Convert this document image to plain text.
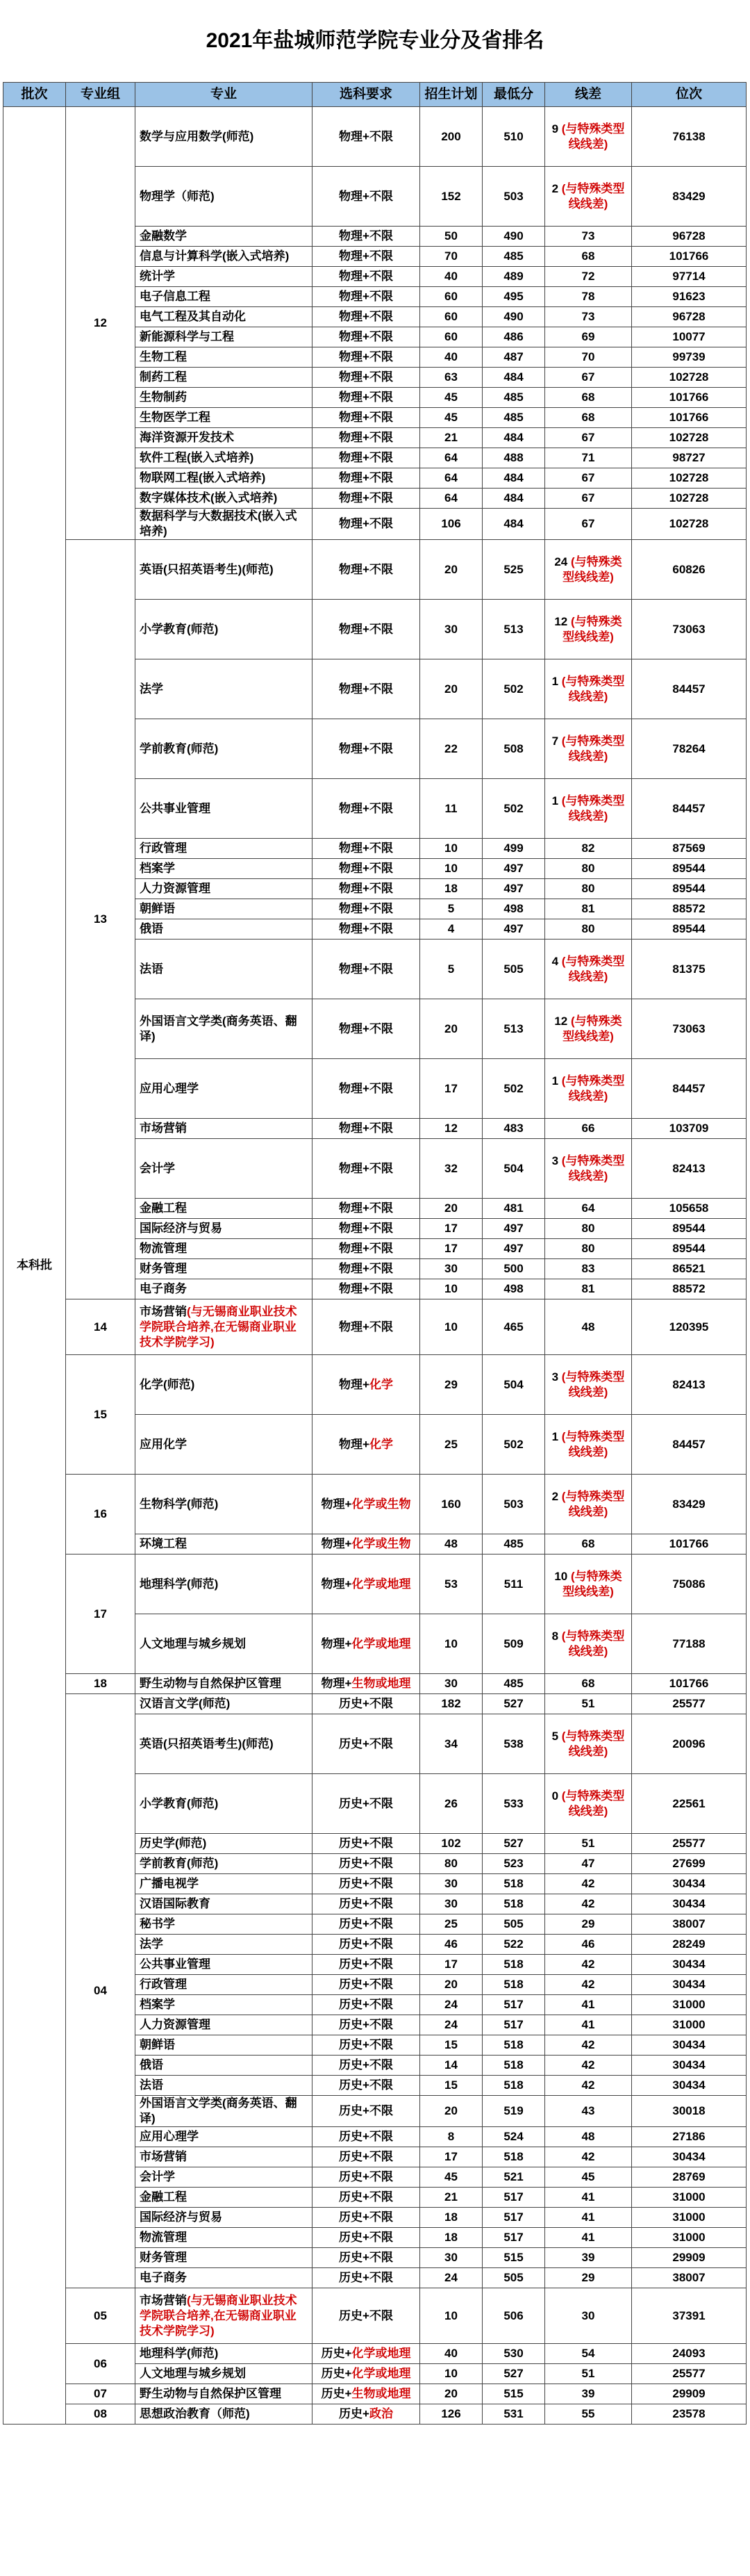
2021年盐城师范学院专业分及省排名
批次	专业组	专业	选科要求	招生计划	最低分	线差	位次
本科批	12	数学与应用数学(师范)	物理+不限	200	510	9 (与特殊类型线线差)	76138
		物理学（师范)	物理+不限	152	503	2 (与特殊类型线线差)	83429
		金融数学	物理+不限	50	490	73	96728
		信息与计算科学(嵌入式培养)	物理+不限	70	485	68	101766
		统计学	物理+不限	40	489	72	97714
		电子信息工程	物理+不限	60	495	78	91623
		电气工程及其自动化	物理+不限	60	490	73	96728
		新能源科学与工程	物理+不限	60	486	69	10077
		生物工程	物理+不限	40	487	70	99739
		制药工程	物理+不限	63	484	67	102728
		生物制药	物理+不限	45	485	68	101766
		生物医学工程	物理+不限	45	485	68	101766
		海洋资源开发技术	物理+不限	21	484	67	102728
		软件工程(嵌入式培养)	物理+不限	64	488	71	98727
		物联网工程(嵌入式培养)	物理+不限	64	484	67	102728
		数字媒体技术(嵌入式培养)	物理+不限	64	484	67	102728
		数据科学与大数据技术(嵌入式培养)	物理+不限	106	484	67	102728
	13	英语(只招英语考生)(师范)	物理+不限	20	525	24 (与特殊类型线线差)	60826
		小学教育(师范)	物理+不限	30	513	12 (与特殊类型线线差)	73063
		法学	物理+不限	20	502	1 (与特殊类型线线差)	84457
		学前教育(师范)	物理+不限	22	508	7 (与特殊类型线线差)	78264
		公共事业管理	物理+不限	11	502	1 (与特殊类型线线差)	84457
		行政管理	物理+不限	10	499	82	87569
		档案学	物理+不限	10	497	80	89544
		人力资源管理	物理+不限	18	497	80	89544
		朝鲜语	物理+不限	5	498	81	88572
		俄语	物理+不限	4	497	80	89544
		法语	物理+不限	5	505	4 (与特殊类型线线差)	81375
		外国语言文学类(商务英语、翻译)	物理+不限	20	513	12 (与特殊类型线线差)	73063
		应用心理学	物理+不限	17	502	1 (与特殊类型线线差)	84457
		市场营销	物理+不限	12	483	66	103709
		会计学	物理+不限	32	504	3 (与特殊类型线线差)	82413
		金融工程	物理+不限	20	481	64	105658
		国际经济与贸易	物理+不限	17	497	80	89544
		物流管理	物理+不限	17	497	80	89544
		财务管理	物理+不限	30	500	83	86521
		电子商务	物理+不限	10	498	81	88572
	14	市场营销(与无锡商业职业技术学院联合培养,在无锡商业职业技术学院学习)	物理+不限	10	465	48	120395
	15	化学(师范)	物理+化学	29	504	3 (与特殊类型线线差)	82413
		应用化学	物理+化学	25	502	1 (与特殊类型线线差)	84457
	16	生物科学(师范)	物理+化学或生物	160	503	2 (与特殊类型线线差)	83429
		环境工程	物理+化学或生物	48	485	68	101766
	17	地理科学(师范)	物理+化学或地理	53	511	10 (与特殊类型线线差)	75086
		人文地理与城乡规划	物理+化学或地理	10	509	8 (与特殊类型线线差)	77188
	18	野生动物与自然保护区管理	物理+生物或地理	30	485	68	101766
	04	汉语言文学(师范)	历史+不限	182	527	51	25577
		英语(只招英语考生)(师范)	历史+不限	34	538	5 (与特殊类型线线差)	20096
		小学教育(师范)	历史+不限	26	533	0 (与特殊类型线线差)	22561
		历史学(师范)	历史+不限	102	527	51	25577
		学前教育(师范)	历史+不限	80	523	47	27699
		广播电视学	历史+不限	30	518	42	30434
		汉语国际教育	历史+不限	30	518	42	30434
		秘书学	历史+不限	25	505	29	38007
		法学	历史+不限	46	522	46	28249
		公共事业管理	历史+不限	17	518	42	30434
		行政管理	历史+不限	20	518	42	30434
		档案学	历史+不限	24	517	41	31000
		人力资源管理	历史+不限	24	517	41	31000
		朝鲜语	历史+不限	15	518	42	30434
		俄语	历史+不限	14	518	42	30434
		法语	历史+不限	15	518	42	30434
		外国语言文学类(商务英语、翻译)	历史+不限	20	519	43	30018
		应用心理学	历史+不限	8	524	48	27186
		市场营销	历史+不限	17	518	42	30434
		会计学	历史+不限	45	521	45	28769
		金融工程	历史+不限	21	517	41	31000
		国际经济与贸易	历史+不限	18	517	41	31000
		物流管理	历史+不限	18	517	41	31000
		财务管理	历史+不限	30	515	39	29909
		电子商务	历史+不限	24	505	29	38007
	05	市场营销(与无锡商业职业技术学院联合培养,在无锡商业职业技术学院学习)	历史+不限	10	506	30	37391
	06	地理科学(师范)	历史+化学或地理	40	530	54	24093
		人文地理与城乡规划	历史+化学或地理	10	527	51	25577
	07	野生动物与自然保护区管理	历史+生物或地理	20	515	39	29909
	08	思想政治教育（师范)	历史+政治	126	531	55	23578
